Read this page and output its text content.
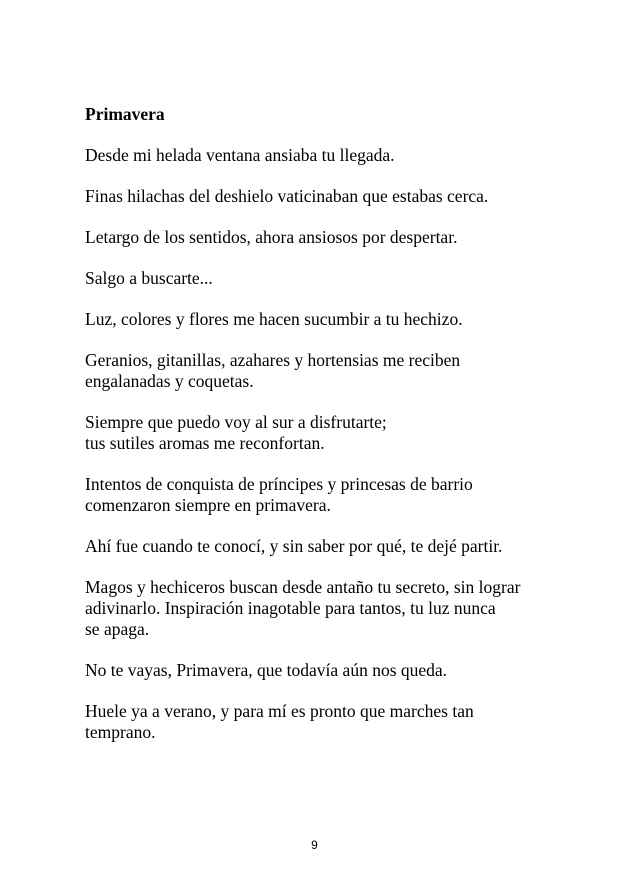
Primavera
Desde mi helada ventana ansiaba tu llegada.
Finas hilachas del deshielo vaticinaban que estabas cerca.
Letargo de los sentidos, ahora ansiosos por despertar.
Salgo a buscarte...
Luz, colores y flores me hacen sucumbir a tu hechizo.
Geranios, gitanillas, azahares y hortensias me reciben
engalanadas y coquetas.
Siempre que puedo voy al sur a disfrutarte;
tus sutiles aromas me reconfortan.
Intentos de conquista de príncipes y princesas de barrio
comenzaron siempre en primavera.
Ahí fue cuando te conocí, y sin saber por qué, te dejé partir.
Magos y hechiceros buscan desde antaño tu secreto, sin lograr
adivinarlo. Inspiración inagotable para tantos, tu luz nunca
se apaga.
No te vayas, Primavera, que todavía aún nos queda.
Huele ya a verano, y para mí es pronto que marches tan
temprano.
9
